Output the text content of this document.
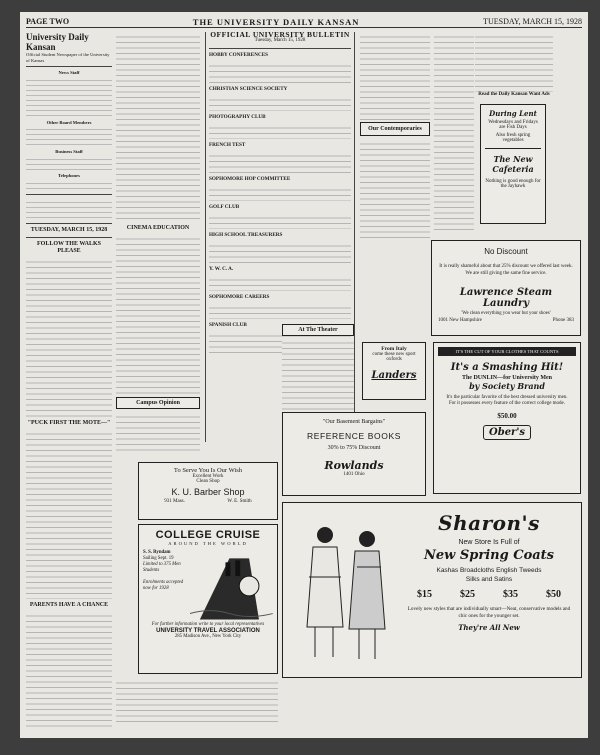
PAGE TWO	THE UNIVERSITY DAILY KANSAN	TUESDAY, MARCH 15, 1928
University Daily Kansan
Official Student Newspaper of the University of Kansas
News Staff
Other Board Members
Business Staff
Telephones
TUESDAY, MARCH 15, 1928
FOLLOW THE WALKS PLEASE
"PUCK FIRST THE MOTE—"
PARENTS HAVE A CHANCE
CINEMA EDUCATION
Campus Opinion
OFFICIAL UNIVERSITY BULLETIN
Tuesday, March 15, 1928
HOBBY CONFERENCES
CHRISTIAN SCIENCE SOCIETY
PHOTOGRAPHY CLUB
FRENCH TEST
SOPHOMORE HOP COMMITTEE
GOLF CLUB
HIGH SCHOOL TREASURERS
Y. W. C. A.
SOPHOMORE CAREERS
SPANISH CLUB
Our Contemporaries
At The Theater
During Lent
Wednesdays and Fridays are Fish Days
Also fresh spring vegetables
The New Cafeteria
Nothing is good enough for the Jayhawk
Read the Daily Kansan Want Ads
No Discount
It is really shameful about that 25% discount we offered last week. We are still giving the same fine service.
Lawrence Steam Laundry
'We clean everything you wear but your shoes'
1001 New Hampshire	Phone 383
IT'S THE CUT OF YOUR CLOTHES THAT COUNTS
It's a Smashing Hit!
The DUNLIN—for University Men
by Society Brand
It's the particular favorite of the best dressed university men. For it possesses every feature of the correct college mode.
$50.00
Ober's
From Italy
come these new sport oxfords
Landers
"Our Basement Bargains"
REFERENCE BOOKS
30% to 75% Discount
Rowlands
1401 Ohio
To Serve You Is Our Wish
Excellent Work
Clean Shop
K. U. Barber Shop
931 Mass.	W. E. Smith
COLLEGE CRUISE
AROUND THE WORLD
S. S. Ryndam
Sailing Sept. 19
Limited to 375 Men Students
Enrolments accepted now for 1928
For further information write to your local representatives
UNIVERSITY TRAVEL ASSOCIATION
285 Madison Ave., New York City
Sharon's
New Store Is Full of
New Spring Coats
Kashas Broadcloths English Tweeds
Silks and Satins
$15	$25	$35	$50
Lovely new styles that are individually smart—Neat, conservative models and chic ones for the younger set.
They're All New
